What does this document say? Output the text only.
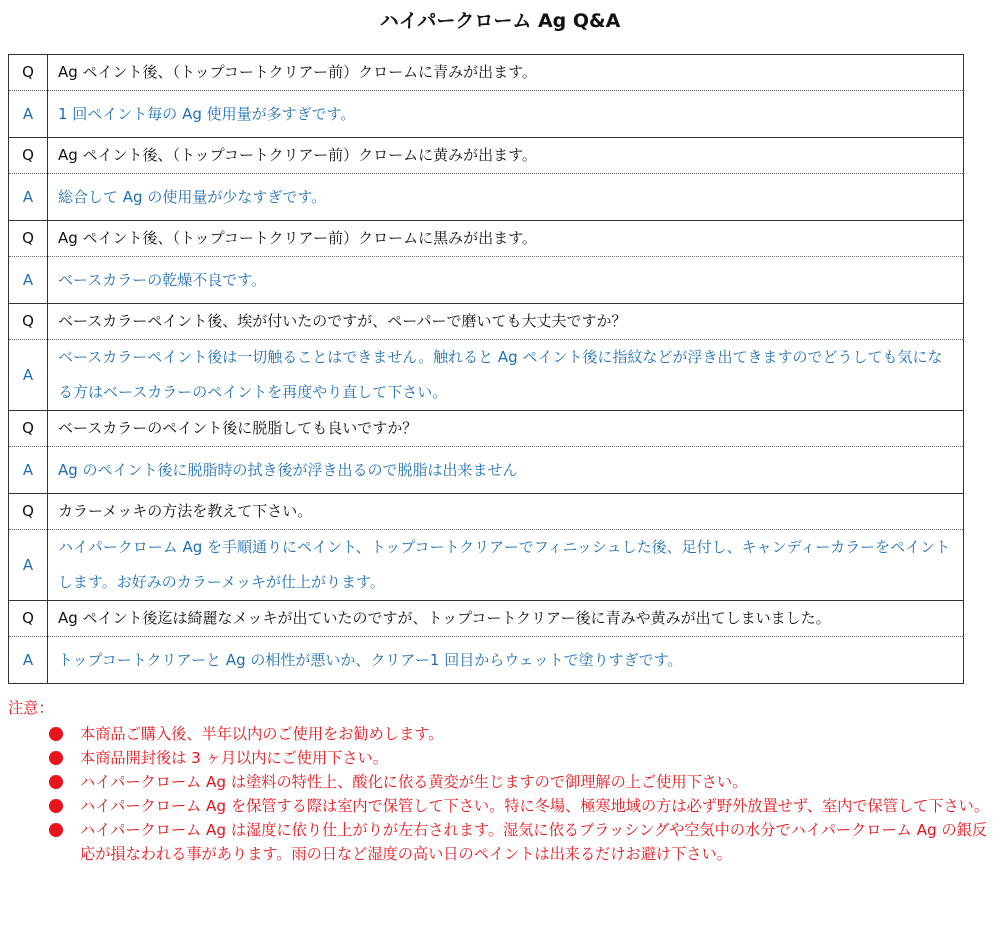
ハイパークローム Ag Q&A
Q	Ag ペイント後、（トップコートクリアー前）クロームに青みが出ます。
A	1 回ペイント毎の Ag 使用量が多すぎです。
Q	Ag ペイント後、（トップコートクリアー前）クロームに黄みが出ます。
A	総合して Ag の使用量が少なすぎです。
Q	Ag ペイント後、（トップコートクリアー前）クロームに黒みが出ます。
A	ベースカラーの乾燥不良です。
Q	ベースカラーペイント後、埃が付いたのですが、ペーパーで磨いても大丈夫ですか？
A	ベースカラーペイント後は一切触ることはできません。触れると Ag ペイント後に指紋などが浮き出てきますのでどうしても気になる方はベースカラーのペイントを再度やり直して下さい。
Q	ベースカラーのペイント後に脱脂しても良いですか？
A	Ag のペイント後に脱脂時の拭き後が浮き出るので脱脂は出来ません
Q	カラーメッキの方法を教えて下さい。
A	ハイパークローム Ag を手順通りにペイント、トップコートクリアーでフィニッシュした後、足付し、キャンディーカラーをペイントします。お好みのカラーメッキが仕上がります。
Q	Ag ペイント後迄は綺麗なメッキが出ていたのですが、トップコートクリアー後に青みや黄みが出てしまいました。
A	トップコートクリアーと Ag の相性が悪いか、クリアー1 回目からウェットで塗りすぎです。
注意：
本商品ご購入後、半年以内のご使用をお勧めします。
本商品開封後は 3 ヶ月以内にご使用下さい。
ハイパークローム Ag は塗料の特性上、酸化に依る黄変が生じますので御理解の上ご使用下さい。
ハイパークローム Ag を保管する際は室内で保管して下さい。特に冬場、極寒地域の方は必ず野外放置せず、室内で保管して下さい。
ハイパークローム Ag は湿度に依り仕上がりが左右されます。湿気に依るブラッシングや空気中の水分でハイパークローム Ag の銀反応が損なわれる事があります。雨の日など湿度の高い日のペイントは出来るだけお避け下さい。
